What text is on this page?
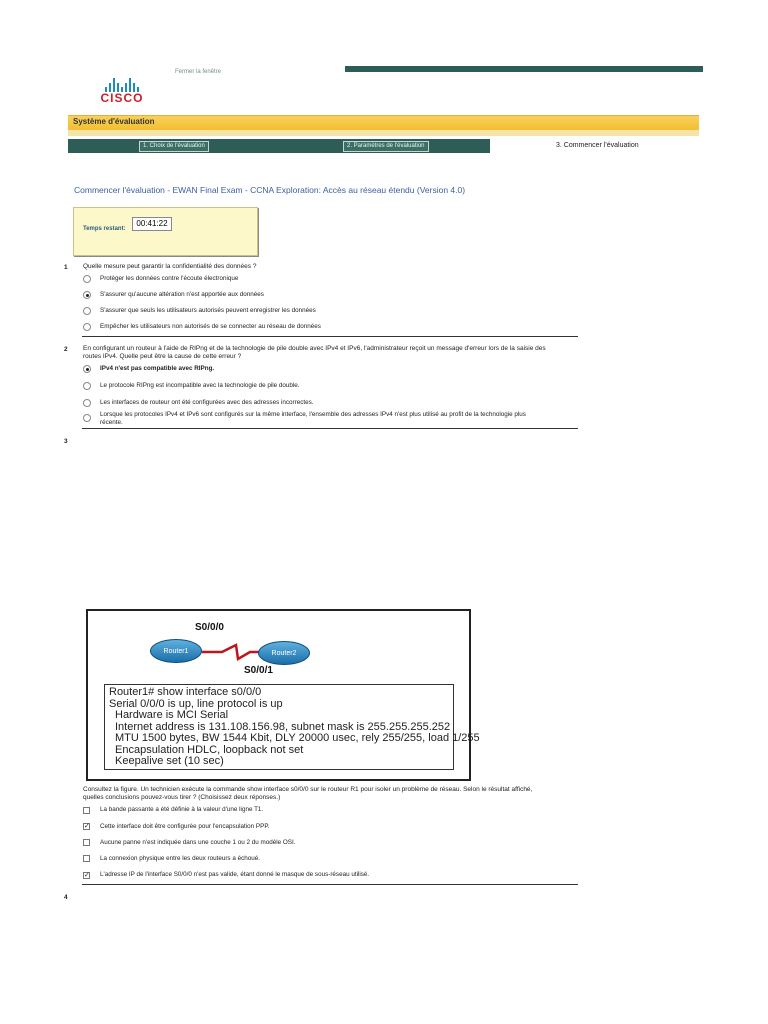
Fermer la fenêtre
CISCO
Système d'évaluation
1. Choix de l'évaluation	2. Paramètres de l'évaluation	3. Commencer l'évaluation
Commencer l'évaluation - EWAN Final Exam - CCNA Exploration: Accès au réseau étendu (Version 4.0)
00:41:22
Temps restant:
1 Quelle mesure peut garantir la confidentialité des données ?
Protéger les données contre l'écoute électronique
S'assurer qu'aucune altération n'est apportée aux données
S'assurer que seuls les utilisateurs autorisés peuvent enregistrer les données
Empêcher les utilisateurs non autorisés de se connecter au réseau de données
2 En configurant un routeur à l'aide de RIPng et de la technologie de pile double avec IPv4 et IPv6, l'administrateur reçoit un message d'erreur lors de la saisie des
routes IPv4. Quelle peut être la cause de cette erreur ?
IPv4 n'est pas compatible avec RIPng.
Le protocole RIPng est incompatible avec la technologie de pile double.
Les interfaces de routeur ont été configurées avec des adresses incorrectes.
Lorsque les protocoles IPv4 et IPv6 sont configurés sur la même interface, l'ensemble des adresses IPv4 n'est plus utilisé au profit de la technologie plus
récente.
3
S0/0/0
Router1	Router2
S0/0/1
Router1# show interface s0/0/0
Serial 0/0/0 is up, line protocol is up
Hardware is MCI Serial
Internet address is 131.108.156.98, subnet mask is 255.255.255.252
MTU 1500 bytes, BW 1544 Kbit, DLY 20000 usec, rely 255/255, load 1/255
Encapsulation HDLC, loopback not set
Keepalive set (10 sec)
Consultez la figure. Un technicien exécute la commande show interface s0/0/0 sur le routeur R1 pour isoler un problème de réseau. Selon le résultat affiché,
quelles conclusions pouvez-vous tirer ? (Choisissez deux réponses.)
La bande passante a été définie à la valeur d'une ligne T1.
✓ Cette interface doit être configurée pour l'encapsulation PPP.
Aucune panne n'est indiquée dans une couche 1 ou 2 du modèle OSI.
La connexion physique entre les deux routeurs a échoué.
✓ L'adresse IP de l'interface S0/0/0 n'est pas valide, étant donné le masque de sous-réseau utilisé.
4
